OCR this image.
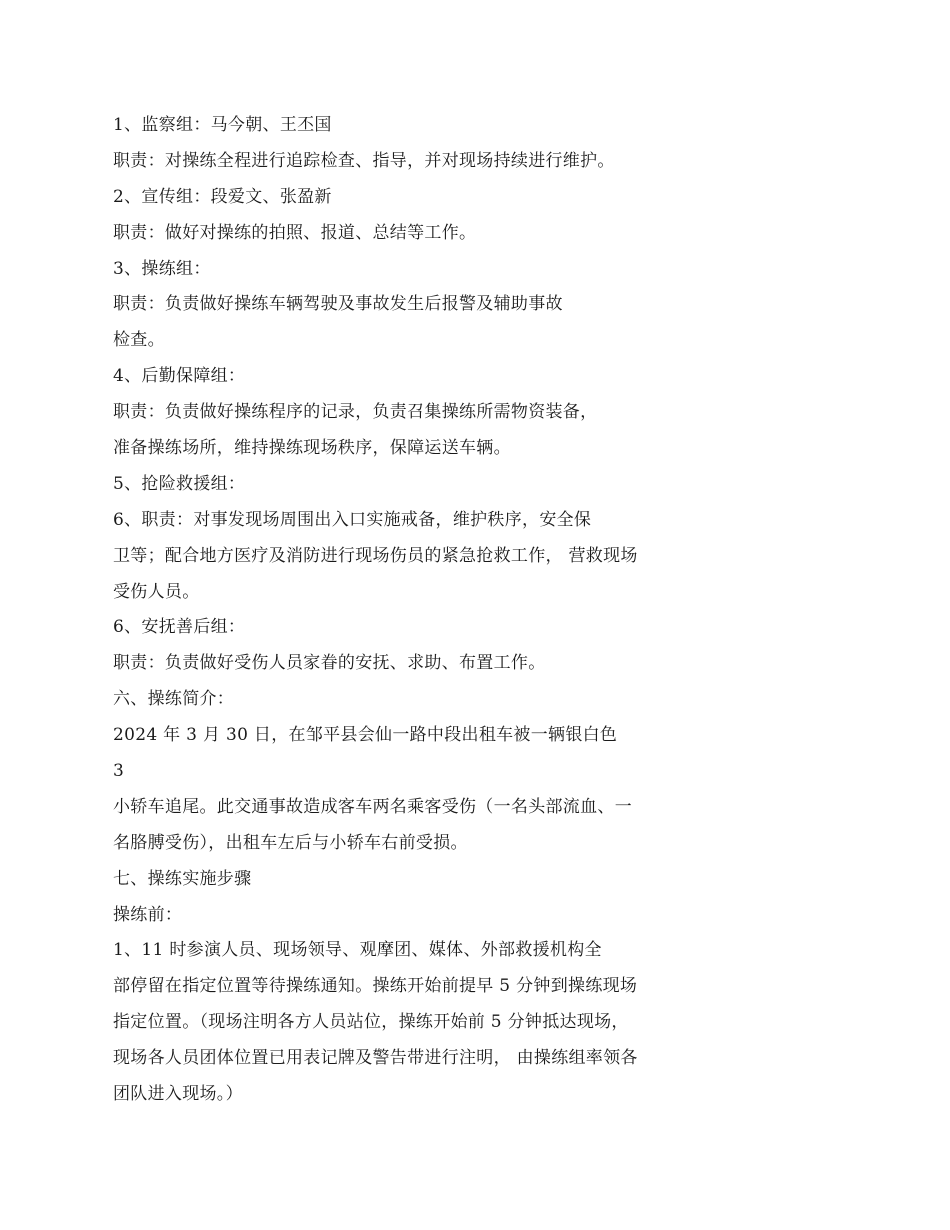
1、监察组：马今朝、王丕国
职责：对操练全程进行追踪检查、指导，并对现场持续进行维护。
2、宣传组：段爱文、张盈新
职责：做好对操练的拍照、报道、总结等工作。
3、操练组：
职责：负责做好操练车辆驾驶及事故发生后报警及辅助事故
检查。
4、后勤保障组：
职责：负责做好操练程序的记录，负责召集操练所需物资装备，
准备操练场所，维持操练现场秩序，保障运送车辆。
5、抢险救援组：
6、职责：对事发现场周围出入口实施戒备，维护秩序，安全保
卫等；配合地方医疗及消防进行现场伤员的紧急抢救工作， 营救现场
受伤人员。
6、安抚善后组：
职责：负责做好受伤人员家眷的安抚、求助、布置工作。
六、操练简介：
2024 年 3 月 30 日，在邹平县会仙一路中段出租车被一辆银白色
3
小轿车追尾。此交通事故造成客车两名乘客受伤（一名头部流血、一
名胳膊受伤），出租车左后与小轿车右前受损。
七、操练实施步骤
操练前：
1、11 时参演人员、现场领导、观摩团、媒体、外部救援机构全
部停留在指定位置等待操练通知。操练开始前提早 5 分钟到操练现场
指定位置。（现场注明各方人员站位，操练开始前 5 分钟抵达现场，
现场各人员团体位置已用表记牌及警告带进行注明， 由操练组率领各
团队进入现场。）
